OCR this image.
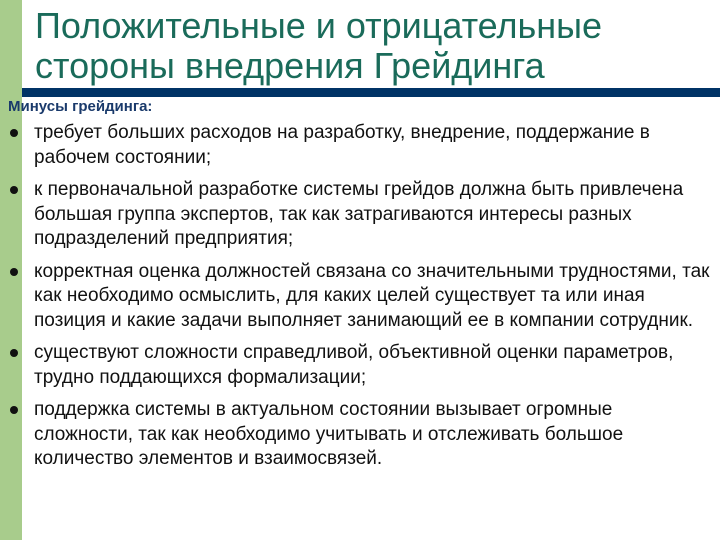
Положительные и отрицательные
стороны внедрения Грейдинга
Минусы грейдинга:
требует больших расходов на разработку, внедрение, поддержание в рабочем состоянии;
к первоначальной разработке системы грейдов должна быть привлечена большая группа экспертов, так как затрагиваются интересы разных подразделений предприятия;
корректная оценка должностей связана со значительными трудностями, так как необходимо осмыслить, для каких целей существует та или иная позиция и какие задачи выполняет занимающий ее в компании сотрудник.
существуют сложности справедливой, объективной оценки параметров, трудно поддающихся формализации;
поддержка системы в актуальном состоянии вызывает огромные сложности, так как необходимо учитывать и отслеживать большое количество элементов и взаимосвязей.
